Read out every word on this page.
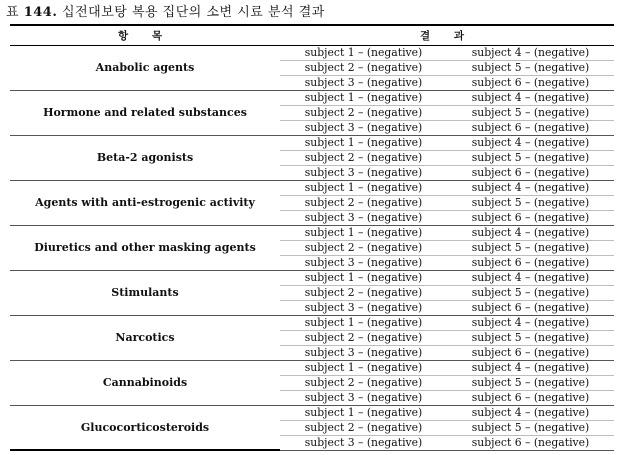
표 144. 십전대보탕 복용 집단의 소변 시료 분석 결과
항 목	결 과	
Anabolic agents	subject 1 – (negative)	subject 4 – (negative)
	subject 2 – (negative)	subject 5 – (negative)
	subject 3 – (negative)	subject 6 – (negative)
Hormone and related substances	subject 1 – (negative)	subject 4 – (negative)
	subject 2 – (negative)	subject 5 – (negative)
	subject 3 – (negative)	subject 6 – (negative)
Beta-2 agonists	subject 1 – (negative)	subject 4 – (negative)
	subject 2 – (negative)	subject 5 – (negative)
	subject 3 – (negative)	subject 6 – (negative)
Agents with anti-estrogenic activity	subject 1 – (negative)	subject 4 – (negative)
	subject 2 – (negative)	subject 5 – (negative)
	subject 3 – (negative)	subject 6 – (negative)
Diuretics and other masking agents	subject 1 – (negative)	subject 4 – (negative)
	subject 2 – (negative)	subject 5 – (negative)
	subject 3 – (negative)	subject 6 – (negative)
Stimulants	subject 1 – (negative)	subject 4 – (negative)
	subject 2 – (negative)	subject 5 – (negative)
	subject 3 – (negative)	subject 6 – (negative)
Narcotics	subject 1 – (negative)	subject 4 – (negative)
	subject 2 – (negative)	subject 5 – (negative)
	subject 3 – (negative)	subject 6 – (negative)
Cannabinoids	subject 1 – (negative)	subject 4 – (negative)
	subject 2 – (negative)	subject 5 – (negative)
	subject 3 – (negative)	subject 6 – (negative)
Glucocorticosteroids	subject 1 – (negative)	subject 4 – (negative)
	subject 2 – (negative)	subject 5 – (negative)
	subject 3 – (negative)	subject 6 – (negative)
